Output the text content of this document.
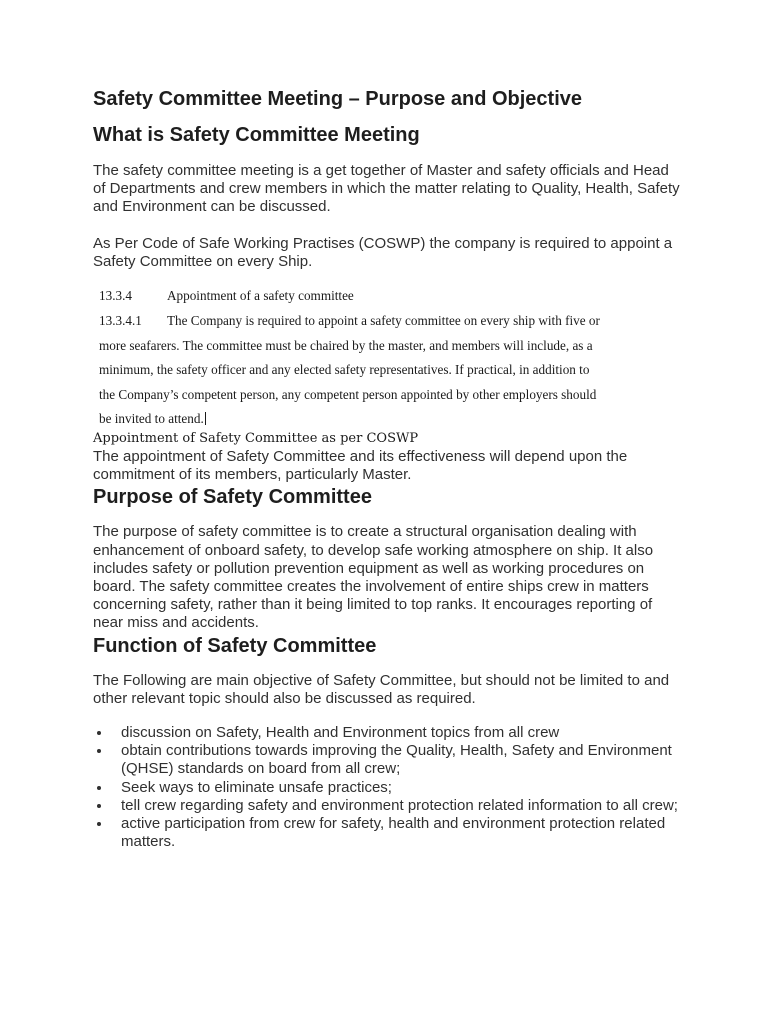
Safety Committee Meeting – Purpose and Objective
What is Safety Committee Meeting

The safety committee meeting is a get together of Master and safety officials and Head of Departments and crew members in which the matter relating to Quality, Health, Safety and Environment can be discussed.

As Per Code of Safe Working Practises (COSWP) the company is required to appoint a Safety Committee on every Ship.

13.3.4	Appointment of a safety committee
13.3.4.1 The Company is required to appoint a safety committee on every ship with five or
more seafarers. The committee must be chaired by the master, and members will include, as a
minimum, the safety officer and any elected safety representatives. If practical, in addition to
the Company’s competent person, any competent person appointed by other employers should
be invited to attend.
Appointment of Safety Committee as per COSWP

The appointment of Safety Committee and its effectiveness will depend upon the commitment of its members, particularly Master.

Purpose of Safety Committee

The purpose of safety committee is to create a structural organisation dealing with enhancement of onboard safety, to develop safe working atmosphere on ship. It also includes safety or pollution prevention equipment as well as working procedures on board. The safety committee creates the involvement of entire ships crew in matters concerning safety, rather than it being limited to top ranks. It encourages reporting of near miss and accidents.

Function of Safety Committee

The Following are main objective of Safety Committee, but should not be limited to and other relevant topic should also be discussed as required.

discussion on Safety, Health and Environment topics from all crew
obtain contributions towards improving the Quality, Health, Safety and Environment (QHSE) standards on board from all crew;
Seek ways to eliminate unsafe practices;
tell crew regarding safety and environment protection related information to all crew;
active participation from crew for safety, health and environment protection related matters.
